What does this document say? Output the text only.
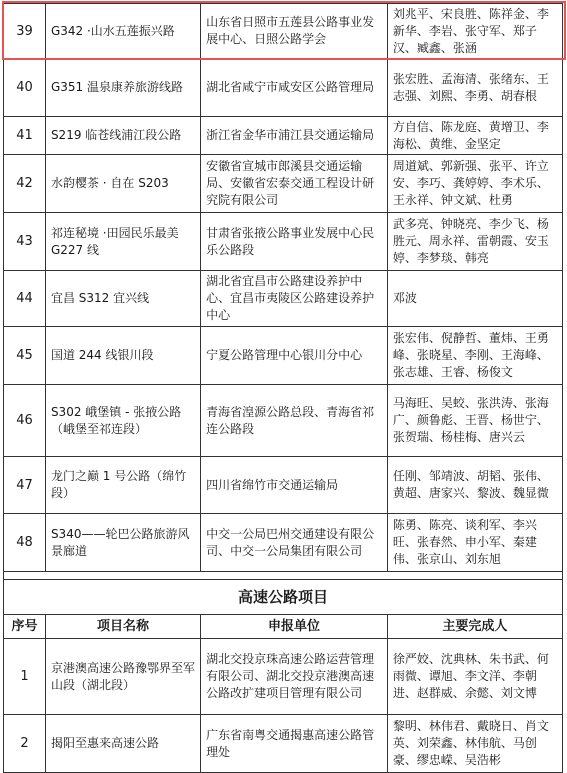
39	G342 ·山水五莲振兴路	山东省日照市五莲县公路事业发展中心、日照公路学会	刘兆平、宋良胜、陈祥金、李新华、李岩、张守军、郑子汉、臧鑫、张涵
40	G351 温泉康养旅游线路	湖北省咸宁市咸安区公路管理局	张宏胜、孟海清、张绪东、王志强、刘熙、李勇、胡春根
41	S219 临苍线浦江段公路	浙江省金华市浦江县交通运输局	方自信、陈龙庭、黄增卫、李海松、黄维、金坚定
42	水韵樱茶 · 自在 S203	安徽省宣城市郎溪县交通运输局、安徽省宏泰交通工程设计研究院有限公司	周道斌、郭新强、张平、许立安、李巧、龚婷婷、李术乐、王永祥、钟文斌、杜勇
43	祁连秘境 ·田园民乐最美 G227 线	甘肃省张掖公路事业发展中心民乐公路段	武多亮、钟晓亮、李少飞、杨胜元、周永祥、雷朝霞、安玉婷、李梦琰、韩亮
44	宜昌 S312 宜兴线	湖北省宜昌市公路建设养护中心、宜昌市夷陵区公路建设养护中心	邓波
45	国道 244 线银川段	宁夏公路管理中心银川分中心	张宏伟、倪静哲、董炜、王勇峰、张晓星、李刚、王海峰、张志雄、王睿、杨俊文
46	S302 峨堡镇 - 张掖公路（峨堡至祁连段）	青海省湟源公路总段、青海省祁连公路段	马海旺、吴蛟、张洪涛、张海广、颜鲁彪、王晋、杨世宁、张贺瑞、杨桂梅、唐兴云
47	龙门之巅 1 号公路（绵竹段）	四川省绵竹市交通运输局	任刚、邹靖波、胡韬、张伟、黄超、唐家兴、黎波、魏显微
48	S340——轮巴公路旅游风景廊道	中交一公局巴州交通建设有限公司、中交一公局集团有限公司	陈勇、陈亮、谈利军、李兴旺、张春然、申小军、秦建伟、张京山、刘东旭

高速公路项目			
序号	项目名称	申报单位	主要完成人
1	京港澳高速公路豫鄂界至军山段（湖北段）	湖北交投京珠高速公路运营管理有限公司、湖北交投京港澳高速公路改扩建项目管理有限公司	徐严姣、沈典林、朱书武、何雨微、谭旭、李文洋、李朝进、赵群威、余懿、刘文博
2	揭阳至惠来高速公路	广东省南粤交通揭惠高速公路管理处	黎明、林伟君、戴晓日、肖文英、刘荣鑫、林伟航、马创豪、缪忠嵘、吴浩彬
